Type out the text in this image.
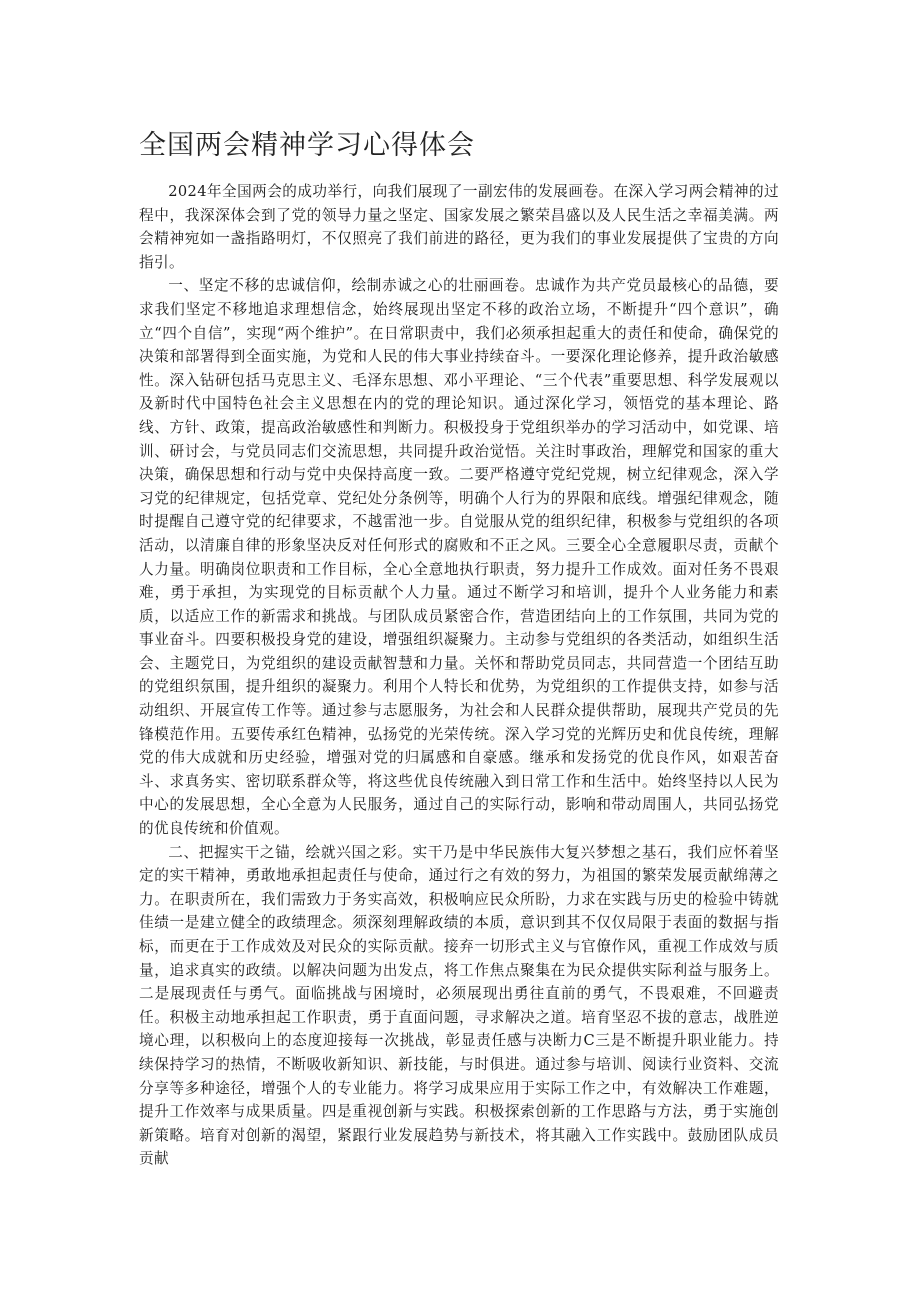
全国两会精神学习心得体会

2024年全国两会的成功举行，向我们展现了一副宏伟的发展画卷。在深入学习两会精神的过程中，我深深体会到了党的领导力量之坚定、国家发展之繁荣昌盛以及人民生活之幸福美满。两会精神宛如一盏指路明灯，不仅照亮了我们前进的路径，更为我们的事业发展提供了宝贵的方向指引。

一、坚定不移的忠诚信仰，绘制赤诚之心的壮丽画卷。忠诚作为共产党员最核心的品德，要求我们坚定不移地追求理想信念，始终展现出坚定不移的政治立场，不断提升“四个意识”，确立“四个自信”，实现“两个维护”。在日常职责中，我们必须承担起重大的责任和使命，确保党的决策和部署得到全面实施，为党和人民的伟大事业持续奋斗。一要深化理论修养，提升政治敏感性。深入钻研包括马克思主义、毛泽东思想、邓小平理论、“三个代表”重要思想、科学发展观以及新时代中国特色社会主义思想在内的党的理论知识。通过深化学习，领悟党的基本理论、路线、方针、政策，提高政治敏感性和判断力。积极投身于党组织举办的学习活动中，如党课、培训、研讨会，与党员同志们交流思想，共同提升政治觉悟。关注时事政治，理解党和国家的重大决策，确保思想和行动与党中央保持高度一致。二要严格遵守党纪党规，树立纪律观念，深入学习党的纪律规定，包括党章、党纪处分条例等，明确个人行为的界限和底线。增强纪律观念，随时提醒自己遵守党的纪律要求，不越雷池一步。自觉服从党的组织纪律，积极参与党组织的各项活动，以清廉自律的形象坚决反对任何形式的腐败和不正之风。三要全心全意履职尽责，贡献个人力量。明确岗位职责和工作目标，全心全意地执行职责，努力提升工作成效。面对任务不畏艰难，勇于承担，为实现党的目标贡献个人力量。通过不断学习和培训，提升个人业务能力和素质，以适应工作的新需求和挑战。与团队成员紧密合作，营造团结向上的工作氛围，共同为党的事业奋斗。四要积极投身党的建设，增强组织凝聚力。主动参与党组织的各类活动，如组织生活会、主题党日，为党组织的建设贡献智慧和力量。关怀和帮助党员同志，共同营造一个团结互助的党组织氛围，提升组织的凝聚力。利用个人特长和优势，为党组织的工作提供支持，如参与活动组织、开展宣传工作等。通过参与志愿服务，为社会和人民群众提供帮助，展现共产党员的先锋模范作用。五要传承红色精神，弘扬党的光荣传统。深入学习党的光辉历史和优良传统，理解党的伟大成就和历史经验，增强对党的归属感和自豪感。继承和发扬党的优良作风，如艰苦奋斗、求真务实、密切联系群众等，将这些优良传统融入到日常工作和生活中。始终坚持以人民为中心的发展思想，全心全意为人民服务，通过自己的实际行动，影响和带动周围人，共同弘扬党的优良传统和价值观。

二、把握实干之锚，绘就兴国之彩。实干乃是中华民族伟大复兴梦想之基石，我们应怀着坚定的实干精神，勇敢地承担起责任与使命，通过行之有效的努力，为祖国的繁荣发展贡献绵薄之力。在职责所在，我们需致力于务实高效，积极响应民众所盼，力求在实践与历史的检验中铸就佳绩一是建立健全的政绩理念。须深刻理解政绩的本质，意识到其不仅仅局限于表面的数据与指标，而更在于工作成效及对民众的实际贡献。接弃一切形式主义与官僚作风，重视工作成效与质量，追求真实的政绩。以解决问题为出发点，将工作焦点聚集在为民众提供实际利益与服务上。二是展现责任与勇气。面临挑战与困境时，必须展现出勇往直前的勇气，不畏艰难，不回避责任。积极主动地承担起工作职责，勇于直面问题，寻求解决之道。培育坚忍不拔的意志，战胜逆境心理，以积极向上的态度迎接每一次挑战，彰显责任感与决断力C三是不断提升职业能力。持续保持学习的热情，不断吸收新知识、新技能，与时俱进。通过参与培训、阅读行业资料、交流分享等多种途径，增强个人的专业能力。将学习成果应用于实际工作之中，有效解决工作难题，提升工作效率与成果质量。四是重视创新与实践。积极探索创新的工作思路与方法，勇于实施创新策略。培育对创新的渴望，紧跟行业发展趋势与新技术，将其融入工作实践中。鼓励团队成员贡献
